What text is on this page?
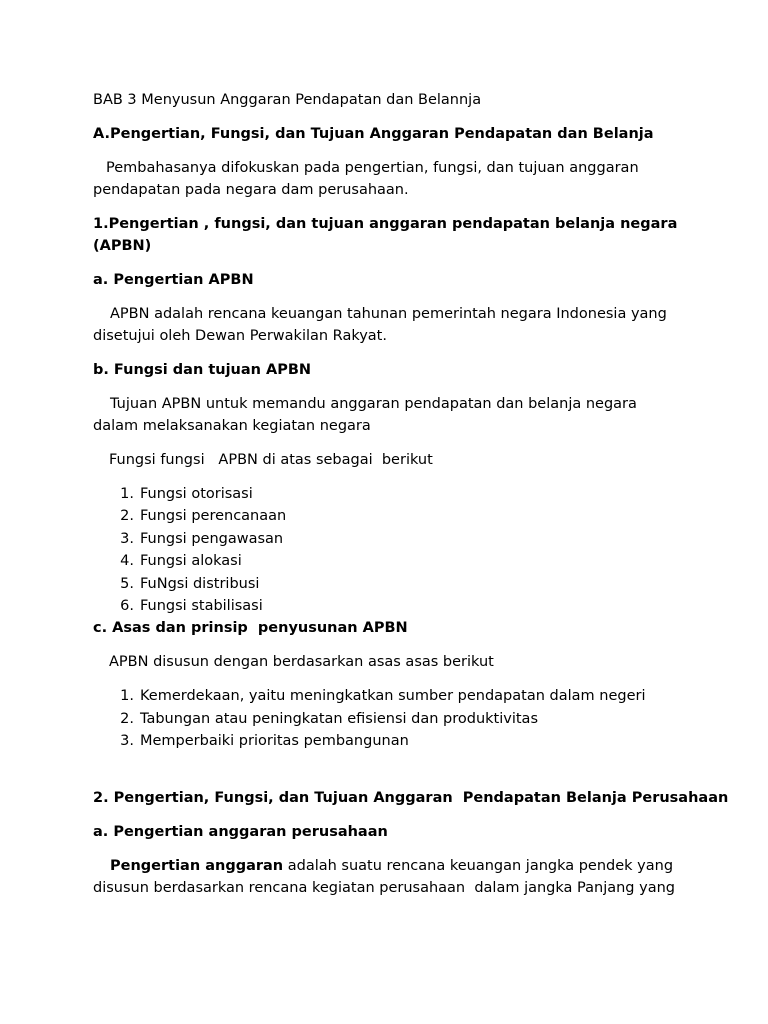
BAB 3 Menyusun Anggaran Pendapatan dan Belannja

A.Pengertian, Fungsi, dan Tujuan Anggaran Pendapatan dan Belanja

Pembahasanya difokuskan pada pengertian, fungsi, dan tujuan anggaran

pendapatan pada negara dam perusahaan.

1.Pengertian , fungsi, dan tujuan anggaran pendapatan belanja negara

(APBN)

a. Pengertian APBN

APBN adalah rencana keuangan tahunan pemerintah negara Indonesia yang

disetujui oleh Dewan Perwakilan Rakyat.

b. Fungsi dan tujuan APBN

Tujuan APBN untuk memandu anggaran pendapatan dan belanja negara

dalam melaksanakan kegiatan negara

Fungsi fungsi   APBN di atas sebagai  berikut

1. Fungsi otorisasi
2. Fungsi perencanaan
3. Fungsi pengawasan
4. Fungsi alokasi
5. FuNgsi distribusi
6. Fungsi stabilisasi

c. Asas dan prinsip  penyusunan APBN

APBN disusun dengan berdasarkan asas asas berikut

1. Kemerdekaan, yaitu meningkatkan sumber pendapatan dalam negeri
2. Tabungan atau peningkatan efisiensi dan produktivitas
3. Memperbaiki prioritas pembangunan

2. Pengertian, Fungsi, dan Tujuan Anggaran  Pendapatan Belanja Perusahaan

a. Pengertian anggaran perusahaan

Pengertian anggaran adalah suatu rencana keuangan jangka pendek yang

disusun berdasarkan rencana kegiatan perusahaan  dalam jangka Panjang yang
